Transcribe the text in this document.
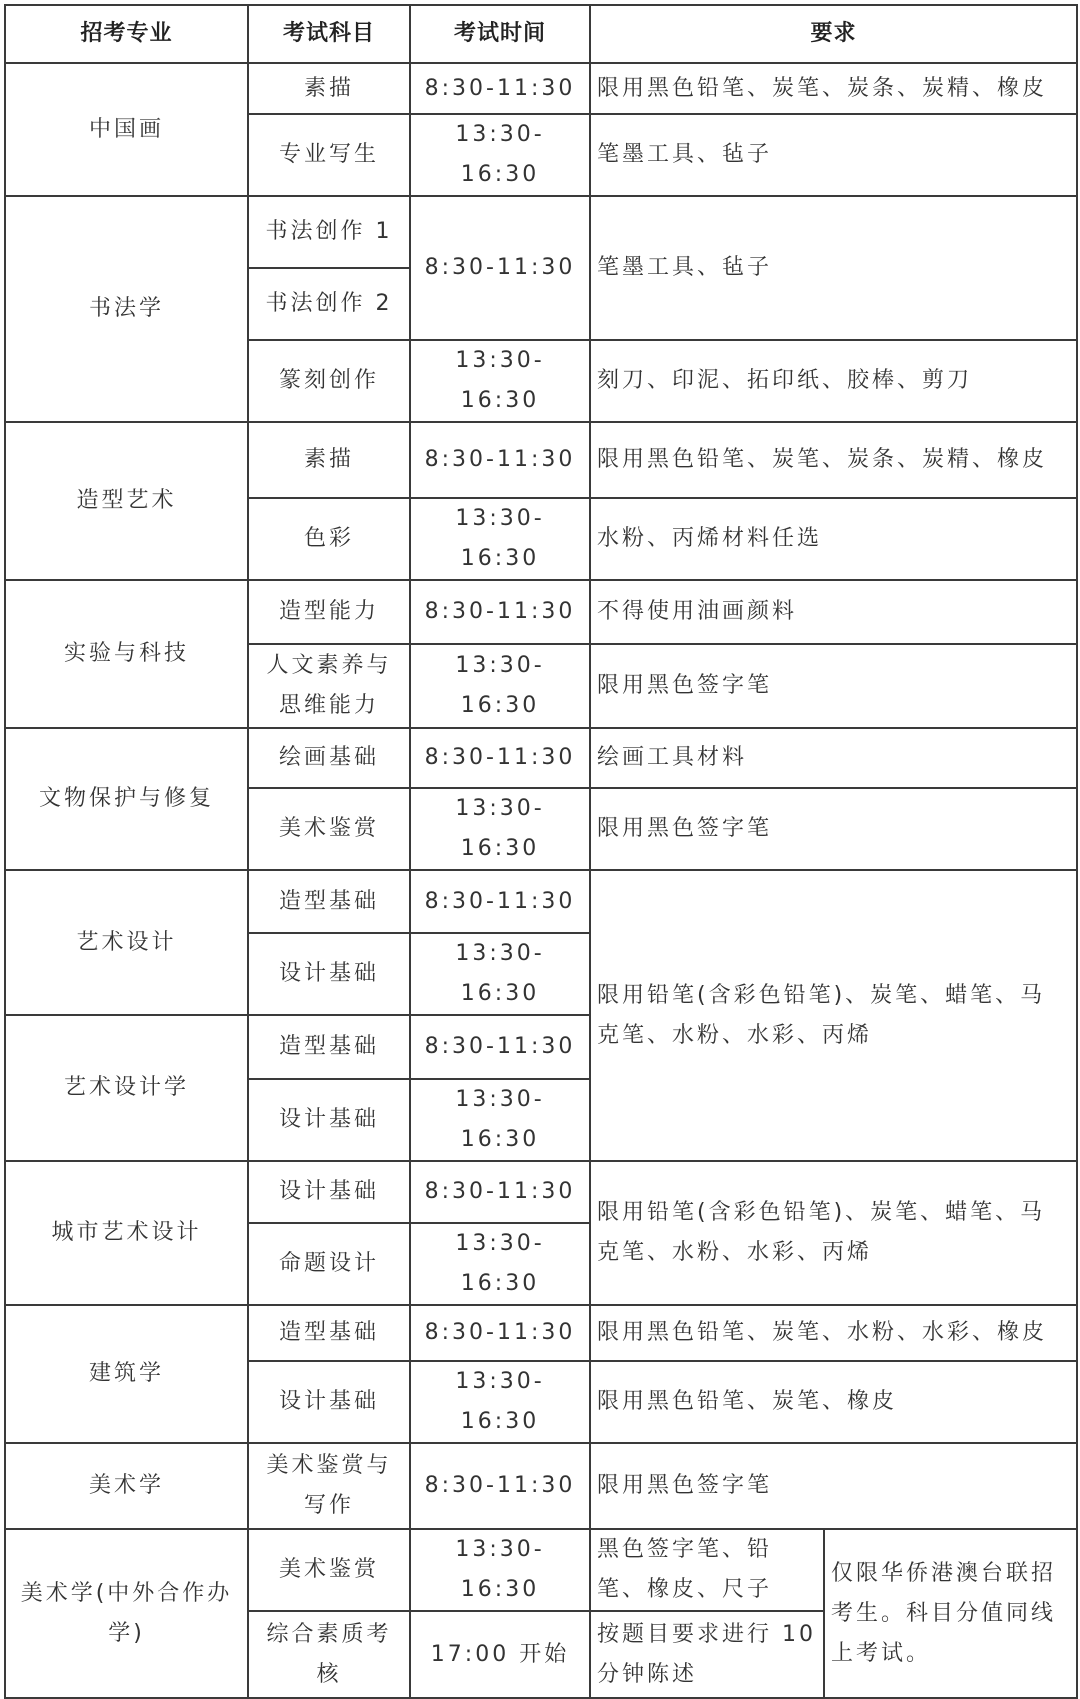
招考专业	考试科目	考试时间	要求	
中国画	素描	8:30-11:30	限用黑色铅笔、炭笔、炭条、炭精、橡皮	
	专业写生	13:30-16:30	笔墨工具、毡子	
书法学	书法创作 1	8:30-11:30	笔墨工具、毡子	
	书法创作 2			
	篆刻创作	13:30-16:30	刻刀、印泥、拓印纸、胶棒、剪刀	
造型艺术	素描	8:30-11:30	限用黑色铅笔、炭笔、炭条、炭精、橡皮	
	色彩	13:30-16:30	水粉、丙烯材料任选	
实验与科技	造型能力	8:30-11:30	不得使用油画颜料	
	人文素养与思维能力	13:30-16:30	限用黑色签字笔	
文物保护与修复	绘画基础	8:30-11:30	绘画工具材料	
	美术鉴赏	13:30-16:30	限用黑色签字笔	
艺术设计	造型基础	8:30-11:30	限用铅笔(含彩色铅笔)、炭笔、蜡笔、马克笔、水粉、水彩、丙烯	
	设计基础	13:30-16:30		
艺术设计学	造型基础	8:30-11:30		
	设计基础	13:30-16:30		
城市艺术设计	设计基础	8:30-11:30	限用铅笔(含彩色铅笔)、炭笔、蜡笔、马克笔、水粉、水彩、丙烯	
	命题设计	13:30-16:30		
建筑学	造型基础	8:30-11:30	限用黑色铅笔、炭笔、水粉、水彩、橡皮	
	设计基础	13:30-16:30	限用黑色铅笔、炭笔、橡皮	
美术学	美术鉴赏与写作	8:30-11:30	限用黑色签字笔	
美术学(中外合作办学)	美术鉴赏	13:30-16:30	黑色签字笔、铅笔、橡皮、尺子	仅限华侨港澳台联招考生。科目分值同线上考试。
	综合素质考核	17:00 开始	按题目要求进行 10 分钟陈述	
